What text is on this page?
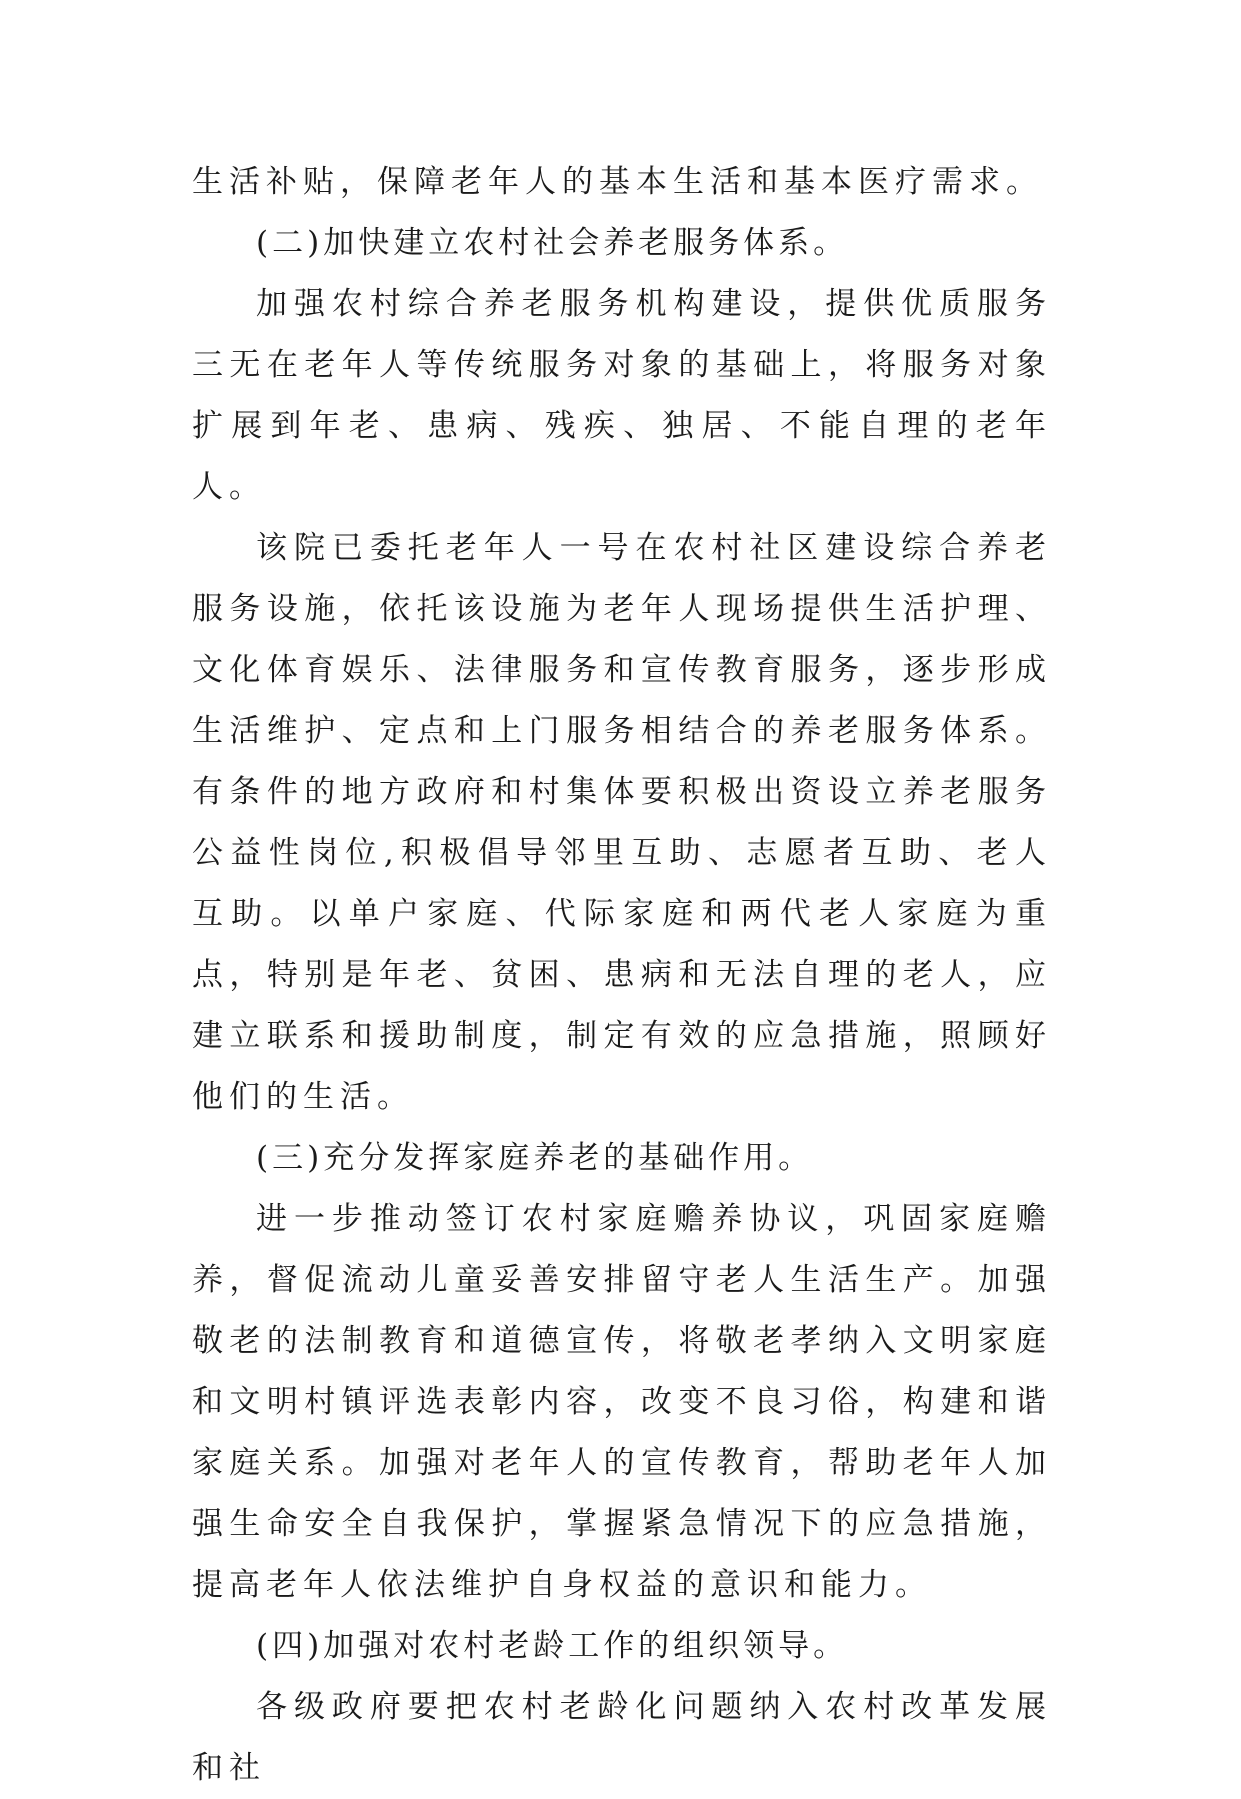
生活补贴，保障老年人的基本生活和基本医疗需求。

(二)加快建立农村社会养老服务体系。

加强农村综合养老服务机构建设，提供优质服务三无在老年人等传统服务对象的基础上，将服务对象扩展到年老、患病、残疾、独居、不能自理的老年人。

该院已委托老年人一号在农村社区建设综合养老服务设施，依托该设施为老年人现场提供生活护理、文化体育娱乐、法律服务和宣传教育服务，逐步形成生活维护、定点和上门服务相结合的养老服务体系。有条件的地方政府和村集体要积极出资设立养老服务公益性岗位,积极倡导邻里互助、志愿者互助、老人互助。以单户家庭、代际家庭和两代老人家庭为重点，特别是年老、贫困、患病和无法自理的老人，应建立联系和援助制度，制定有效的应急措施，照顾好他们的生活。

(三)充分发挥家庭养老的基础作用。

进一步推动签订农村家庭赡养协议，巩固家庭赡养，督促流动儿童妥善安排留守老人生活生产。加强敬老的法制教育和道德宣传，将敬老孝纳入文明家庭和文明村镇评选表彰内容，改变不良习俗，构建和谐家庭关系。加强对老年人的宣传教育，帮助老年人加强生命安全自我保护，掌握紧急情况下的应急措施，提高老年人依法维护自身权益的意识和能力。

(四)加强对农村老龄工作的组织领导。

各级政府要把农村老龄化问题纳入农村改革发展和社
